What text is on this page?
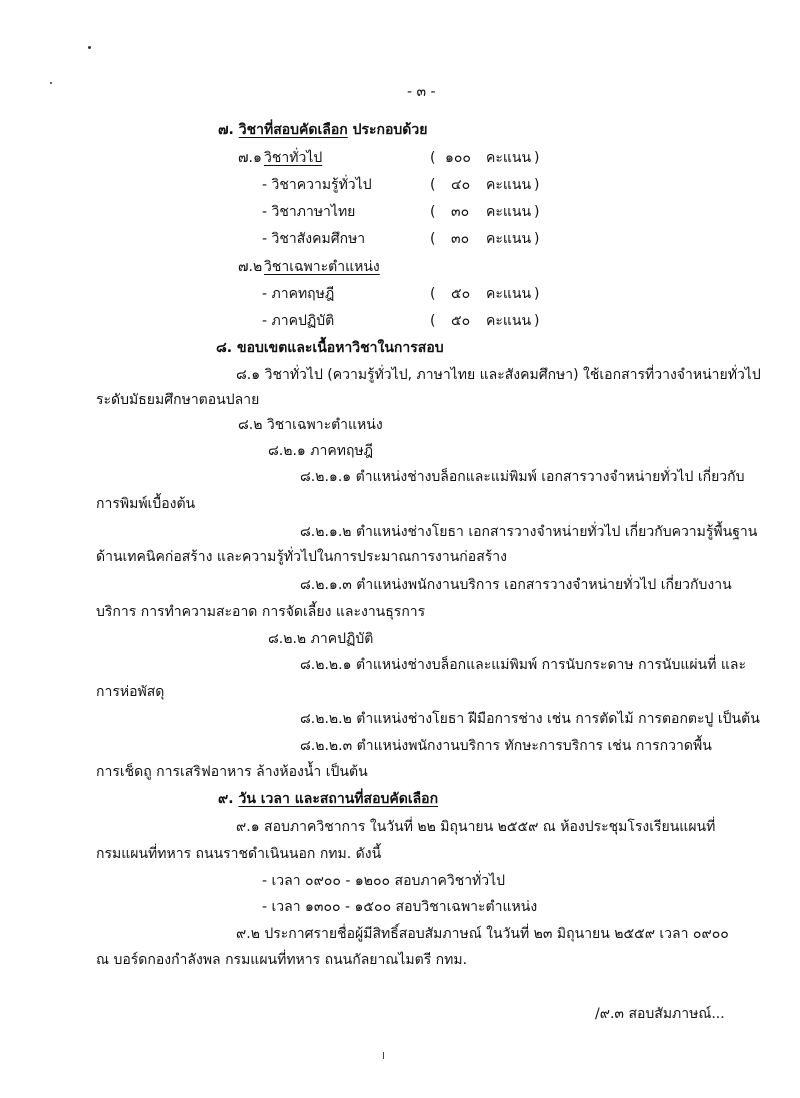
- ๓ -
๗. วิชาที่สอบคัดเลือก ประกอบด้วย
๗.๑ วิชาทั่วไป	( ๑๐๐ คะแนน )
- วิชาความรู้ทั่วไป	( ๔๐ คะแนน )
- วิชาภาษาไทย	( ๓๐ คะแนน )
- วิชาสังคมศึกษา	( ๓๐ คะแนน )
๗.๒ วิชาเฉพาะตำแหน่ง
- ภาคทฤษฎี	( ๕๐ คะแนน )
- ภาคปฏิบัติ	( ๕๐ คะแนน )
๘. ขอบเขตและเนื้อหาวิชาในการสอบ
๘.๑ วิชาทั่วไป (ความรู้ทั่วไป, ภาษาไทย และสังคมศึกษา) ใช้เอกสารที่วางจำหน่ายทั่วไป
ระดับมัธยมศึกษาตอนปลาย
๘.๒ วิชาเฉพาะตำแหน่ง
๘.๒.๑ ภาคทฤษฎี
๘.๒.๑.๑ ตำแหน่งช่างบล็อกและแม่พิมพ์ เอกสารวางจำหน่ายทั่วไป เกี่ยวกับ
การพิมพ์เบื้องต้น
๘.๒.๑.๒ ตำแหน่งช่างโยธา เอกสารวางจำหน่ายทั่วไป เกี่ยวกับความรู้พื้นฐาน
ด้านเทคนิคก่อสร้าง และความรู้ทั่วไปในการประมาณการงานก่อสร้าง
๘.๒.๑.๓ ตำแหน่งพนักงานบริการ เอกสารวางจำหน่ายทั่วไป เกี่ยวกับงาน
บริการ การทำความสะอาด การจัดเลี้ยง และงานธุรการ
๘.๒.๒ ภาคปฏิบัติ
๘.๒.๒.๑ ตำแหน่งช่างบล็อกและแม่พิมพ์ การนับกระดาษ การนับแผ่นที่ และ
การห่อพัสดุ
๘.๒.๒.๒ ตำแหน่งช่างโยธา ฝีมือการช่าง เช่น การตัดไม้ การตอกตะปู เป็นต้น
๘.๒.๒.๓ ตำแหน่งพนักงานบริการ ทักษะการบริการ เช่น การกวาดพื้น
การเช็ดถู การเสริฟอาหาร ล้างห้องน้ำ เป็นต้น
๙. วัน เวลา และสถานที่สอบคัดเลือก
๙.๑ สอบภาควิชาการ ในวันที่ ๒๒ มิถุนายน ๒๕๕๙ ณ ห้องประชุมโรงเรียนแผนที่
กรมแผนที่ทหาร ถนนราชดำเนินนอก กทม. ดังนี้
- เวลา ๐๙๐๐ - ๑๒๐๐ สอบภาควิชาทั่วไป
- เวลา ๑๓๐๐ - ๑๕๐๐ สอบวิชาเฉพาะตำแหน่ง
๙.๒ ประกาศรายชื่อผู้มีสิทธิ์สอบสัมภาษณ์ ในวันที่ ๒๓ มิถุนายน ๒๕๕๙ เวลา ๐๙๐๐
ณ บอร์ดกองกำลังพล กรมแผนที่ทหาร ถนนกัลยาณไมตรี กทม.
/๙.๓ สอบสัมภาษณ์...
